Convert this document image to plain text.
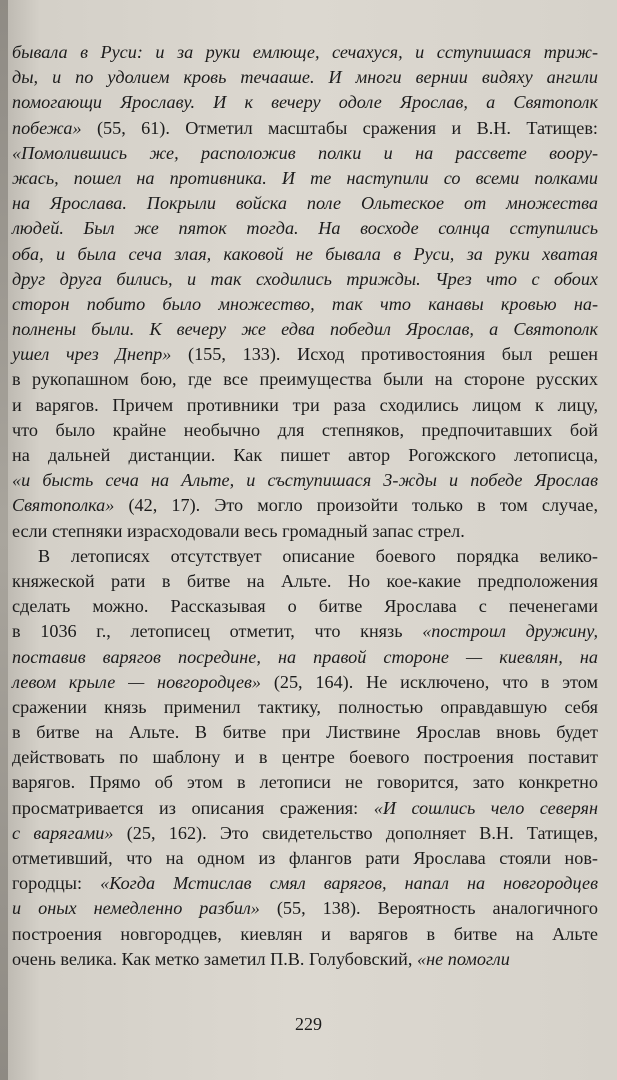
бывала в Руси: и за руки емлюще, сечахуся, и сступишася триж-
ды, и по удолием кровь течааше. И многи вернии видяху ангили
помогающи Ярославу. И к вечеру одоле Ярослав, а Святополк
побежа» (55, 61). Отметил масштабы сражения и В.Н. Татищев:
«Помолившись же, расположив полки и на рассвете воору-
жась, пошел на противника. И те наступили со всеми полками
на Ярослава. Покрыли войска поле Ольтеское от множества
людей. Был же пяток тогда. На восходе солнца сступились
оба, и была сеча злая, каковой не бывала в Руси, за руки хватая
друг друга бились, и так сходились трижды. Чрез что с обоих
сторон побито было множество, так что канавы кровью на-
полнены были. К вечеру же едва победил Ярослав, а Святополк
ушел чрез Днепр» (155, 133). Исход противостояния был решен
в рукопашном бою, где все преимущества были на стороне русских
и варягов. Причем противники три раза сходились лицом к лицу,
что было крайне необычно для степняков, предпочитавших бой
на дальней дистанции. Как пишет автор Рогожского летописца,
«и бысть сеча на Альте, и съступишася 3-жды и победе Ярослав
Святополка» (42, 17). Это могло произойти только в том случае,
если степняки израсходовали весь громадный запас стрел.
В летописях отсутствует описание боевого порядка велико-
княжеской рати в битве на Альте. Но кое-какие предположения
сделать можно. Рассказывая о битве Ярослава с печенегами
в 1036 г., летописец отметит, что князь «построил дружину,
поставив варягов посредине, на правой стороне — киевлян, на
левом крыле — новгородцев» (25, 164). Не исключено, что в этом
сражении князь применил тактику, полностью оправдавшую себя
в битве на Альте. В битве при Листвине Ярослав вновь будет
действовать по шаблону и в центре боевого построения поставит
варягов. Прямо об этом в летописи не говорится, зато конкретно
просматривается из описания сражения: «И сошлись чело северян
с варягами» (25, 162). Это свидетельство дополняет В.Н. Татищев,
отметивший, что на одном из флангов рати Ярослава стояли нов-
городцы: «Когда Мстислав смял варягов, напал на новгородцев
и оных немедленно разбил» (55, 138). Вероятность аналогичного
построения новгородцев, киевлян и варягов в битве на Альте
очень велика. Как метко заметил П.В. Голубовский, «не помогли
229
